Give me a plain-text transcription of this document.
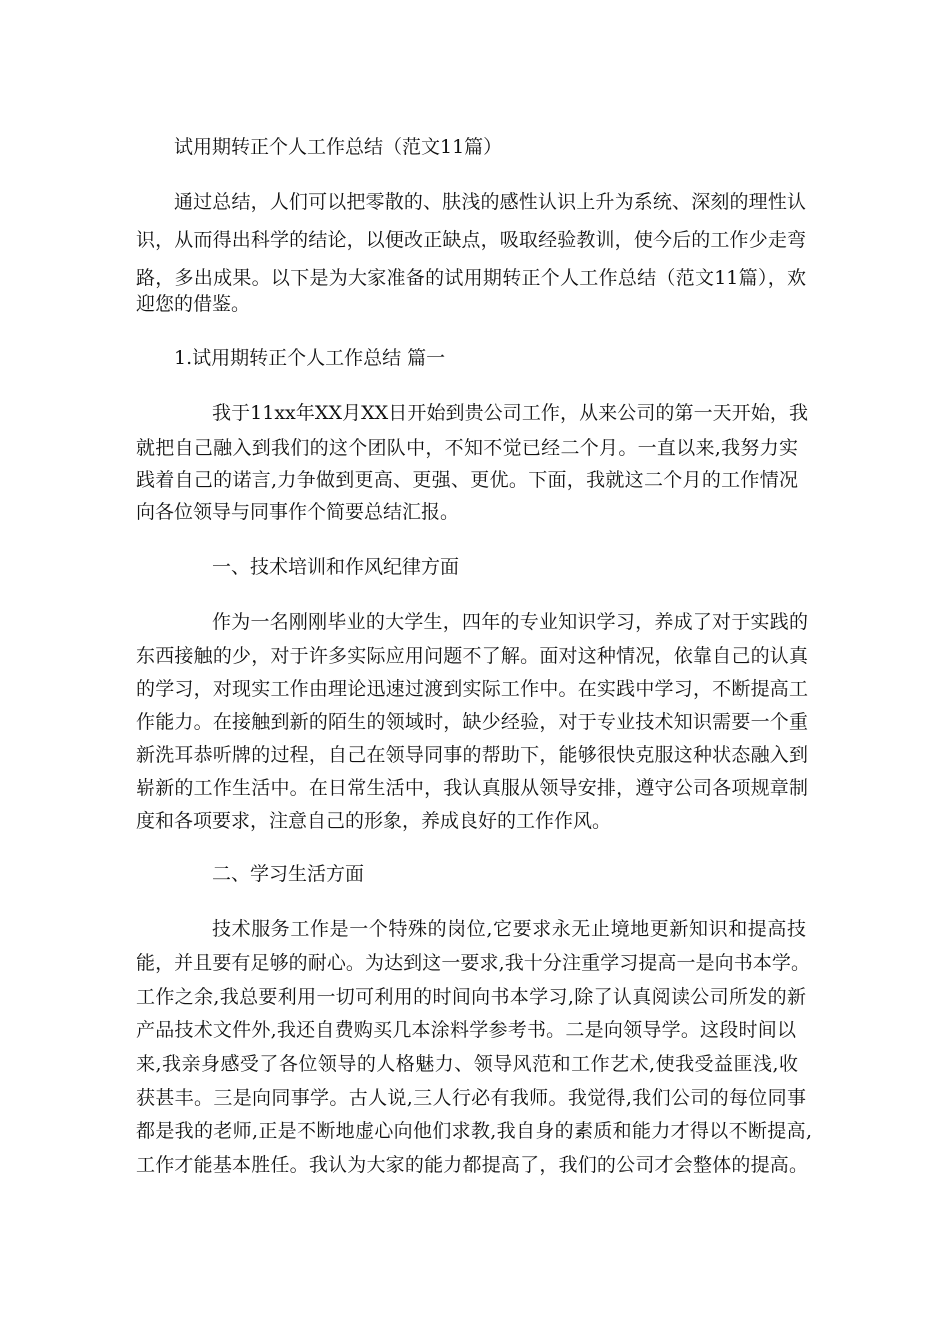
试用期转正个人工作总结（范文11篇）
通过总结，人们可以把零散的、肤浅的感性认识上升为系统、深刻的理性认
识，从而得出科学的结论，以便改正缺点，吸取经验教训，使今后的工作少走弯
路，多出成果。以下是为大家准备的试用期转正个人工作总结（范文11篇），欢
迎您的借鉴。
1.试用期转正个人工作总结 篇一
我于11xx年XX月XX日开始到贵公司工作，从来公司的第一天开始，我
就把自己融入到我们的这个团队中，不知不觉已经二个月。一直以来,我努力实
践着自己的诺言,力争做到更高、更强、更优。下面，我就这二个月的工作情况
向各位领导与同事作个简要总结汇报。
一、技术培训和作风纪律方面
作为一名刚刚毕业的大学生，四年的专业知识学习，养成了对于实践的
东西接触的少，对于许多实际应用问题不了解。面对这种情况，依靠自己的认真
的学习，对现实工作由理论迅速过渡到实际工作中。在实践中学习，不断提高工
作能力。在接触到新的陌生的领域时，缺少经验，对于专业技术知识需要一个重
新洗耳恭听牌的过程，自己在领导同事的帮助下，能够很快克服这种状态融入到
崭新的工作生活中。在日常生活中，我认真服从领导安排，遵守公司各项规章制
度和各项要求，注意自己的形象，养成良好的工作作风。
二、学习生活方面
技术服务工作是一个特殊的岗位,它要求永无止境地更新知识和提高技
能，并且要有足够的耐心。为达到这一要求,我十分注重学习提高一是向书本学。
工作之余,我总要利用一切可利用的时间向书本学习,除了认真阅读公司所发的新
产品技术文件外,我还自费购买几本涂料学参考书。二是向领导学。这段时间以
来,我亲身感受了各位领导的人格魅力、领导风范和工作艺术,使我受益匪浅,收
获甚丰。三是向同事学。古人说,三人行必有我师。我觉得,我们公司的每位同事
都是我的老师,正是不断地虚心向他们求教,我自身的素质和能力才得以不断提高,
工作才能基本胜任。我认为大家的能力都提高了，我们的公司才会整体的提高。
